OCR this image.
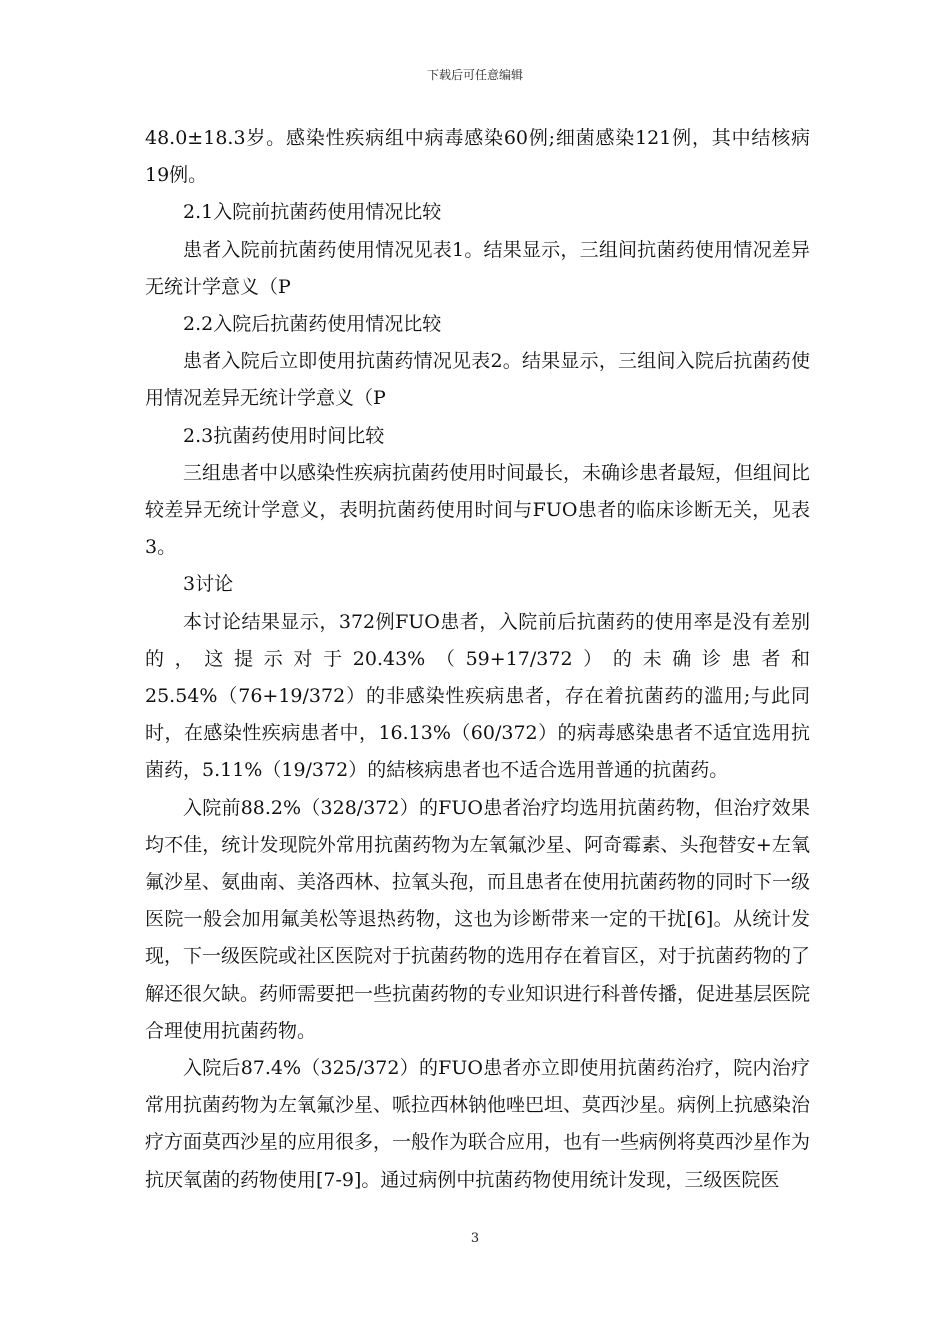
下载后可任意编辑

48.0±18.3岁。感染性疾病组中病毒感染60例;细菌感染121例，其中结核病19例。

2.1入院前抗菌药使用情况比较

患者入院前抗菌药使用情况见表1。结果显示，三组间抗菌药使用情况差异无统计学意义（P

2.2入院后抗菌药使用情况比较

患者入院后立即使用抗菌药情况见表2。结果显示，三组间入院后抗菌药使用情况差异无统计学意义（P

2.3抗菌药使用时间比较

三组患者中以感染性疾病抗菌药使用时间最长，未确诊患者最短，但组间比较差异无统计学意义，表明抗菌药使用时间与FUO患者的临床诊断无关，见表3。

3讨论

本讨论结果显示，372例FUO患者，入院前后抗菌药的使用率是没有差别的，这提示对于20.43%（59+17/372）的未确诊患者和25.54%（76+19/372）的非感染性疾病患者，存在着抗菌药的滥用;与此同时，在感染性疾病患者中，16.13%（60/372）的病毒感染患者不适宜选用抗菌药，5.11%（19/372）的結核病患者也不适合选用普通的抗菌药。

入院前88.2%（328/372）的FUO患者治疗均选用抗菌药物，但治疗效果均不佳，统计发现院外常用抗菌药物为左氧氟沙星、阿奇霉素、头孢替安+左氧氟沙星、氨曲南、美洛西林、拉氧头孢，而且患者在使用抗菌药物的同时下一级医院一般会加用氟美松等退热药物，这也为诊断带来一定的干扰[6]。从统计发现，下一级医院或社区医院对于抗菌药物的选用存在着盲区，对于抗菌药物的了解还很欠缺。药师需要把一些抗菌药物的专业知识进行科普传播，促进基层医院合理使用抗菌药物。

入院后87.4%（325/372）的FUO患者亦立即使用抗菌药治疗，院内治疗常用抗菌药物为左氧氟沙星、哌拉西林钠他唑巴坦、莫西沙星。病例上抗感染治疗方面莫西沙星的应用很多，一般作为联合应用，也有一些病例将莫西沙星作为抗厌氧菌的药物使用[7-9]。通过病例中抗菌药物使用统计发现，三级医院医

3
